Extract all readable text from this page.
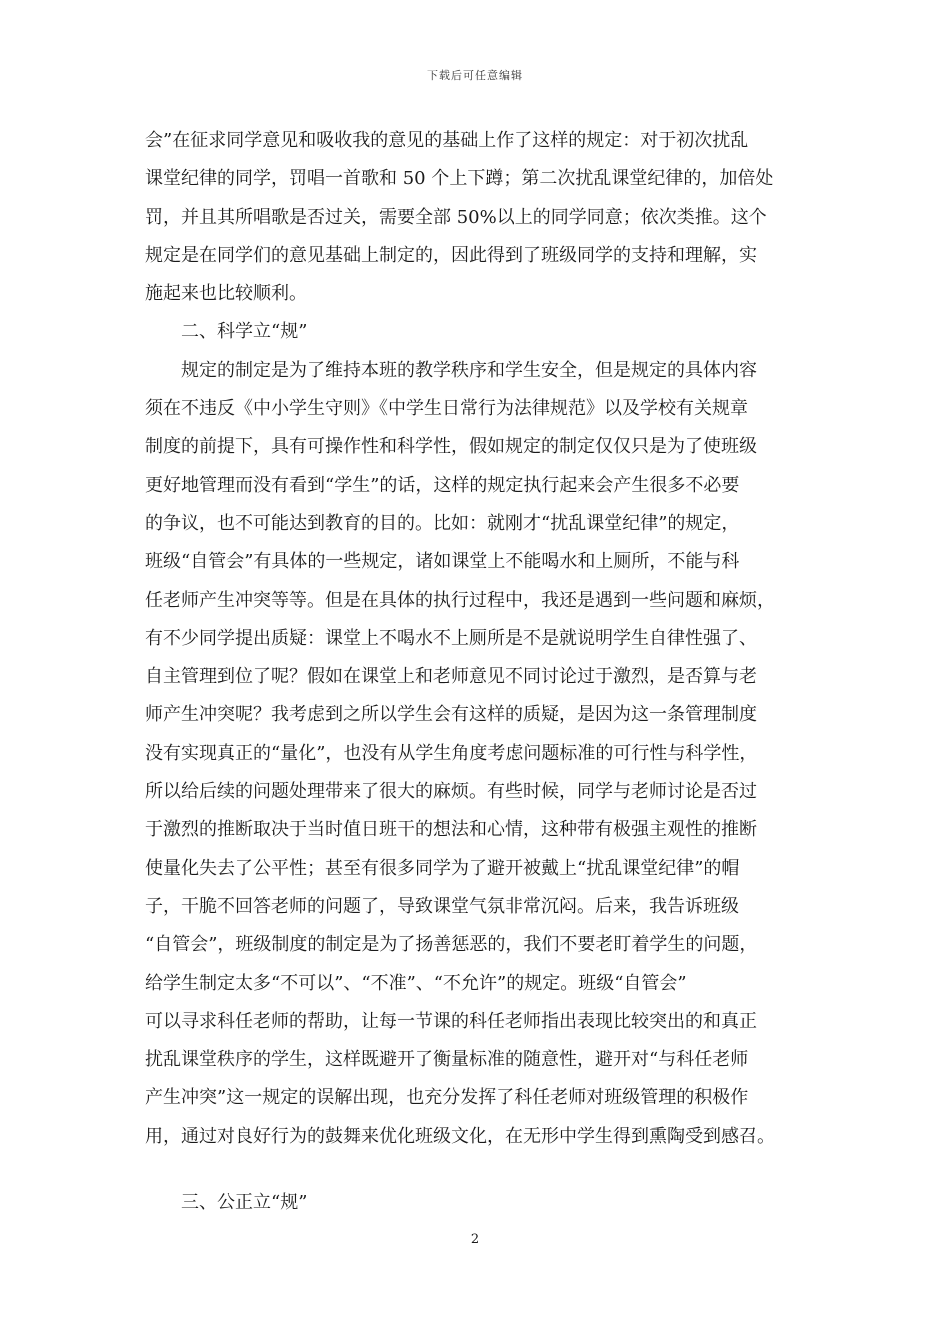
下载后可任意编辑
会”在征求同学意见和吸收我的意见的基础上作了这样的规定：对于初次扰乱
课堂纪律的同学，罚唱一首歌和 50 个上下蹲；第二次扰乱课堂纪律的，加倍处
罚，并且其所唱歌是否过关，需要全部 50%以上的同学同意；依次类推。这个
规定是在同学们的意见基础上制定的，因此得到了班级同学的支持和理解，实
施起来也比较顺利。
二、科学立“规”
规定的制定是为了维持本班的教学秩序和学生安全，但是规定的具体内容
须在不违反《中小学生守则》《中学生日常行为法律规范》以及学校有关规章
制度的前提下，具有可操作性和科学性，假如规定的制定仅仅只是为了使班级
更好地管理而没有看到“学生”的话，这样的规定执行起来会产生很多不必要
的争议，也不可能达到教育的目的。比如：就刚才“扰乱课堂纪律”的规定，
班级“自管会”有具体的一些规定，诸如课堂上不能喝水和上厕所，不能与科
任老师产生冲突等等。但是在具体的执行过程中，我还是遇到一些问题和麻烦，
有不少同学提出质疑：课堂上不喝水不上厕所是不是就说明学生自律性强了、
自主管理到位了呢？假如在课堂上和老师意见不同讨论过于激烈，是否算与老
师产生冲突呢？我考虑到之所以学生会有这样的质疑，是因为这一条管理制度
没有实现真正的“量化”，也没有从学生角度考虑问题标准的可行性与科学性，
所以给后续的问题处理带来了很大的麻烦。有些时候，同学与老师讨论是否过
于激烈的推断取决于当时值日班干的想法和心情，这种带有极强主观性的推断
使量化失去了公平性；甚至有很多同学为了避开被戴上“扰乱课堂纪律”的帽
子，干脆不回答老师的问题了，导致课堂气氛非常沉闷。后来，我告诉班级
“自管会”，班级制度的制定是为了扬善惩恶的，我们不要老盯着学生的问题，
给学生制定太多“不可以”、“不准”、“不允许”的规定。班级“自管会”
可以寻求科任老师的帮助，让每一节课的科任老师指出表现比较突出的和真正
扰乱课堂秩序的学生，这样既避开了衡量标准的随意性，避开对“与科任老师
产生冲突”这一规定的误解出现，也充分发挥了科任老师对班级管理的积极作
用，通过对良好行为的鼓舞来优化班级文化，在无形中学生得到熏陶受到感召。
三、公正立“规”
2
